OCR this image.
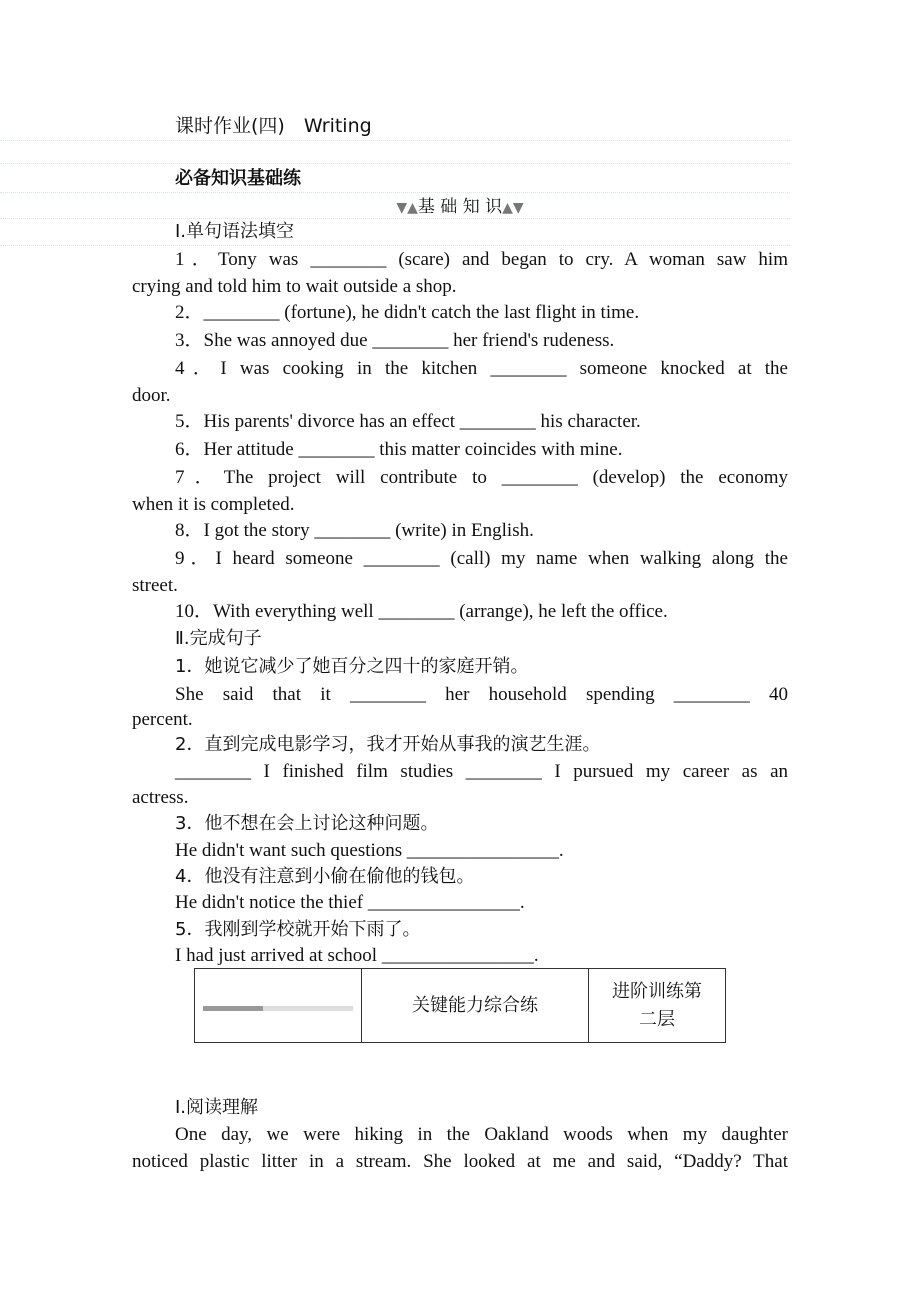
课时作业(四)　Writing
必备知识基础练
▼▲基 础 知 识▲▼
Ⅰ.单句语法填空
1．Tony was ________ (scare) and began to cry. A woman saw him
crying and told him to wait outside a shop.
2．________ (fortune), he didn't catch the last flight in time.
3．She was annoyed due ________ her friend's rudeness.
4．I was cooking in the kitchen ________ someone knocked at the
door.
5．His parents' divorce has an effect ________ his character.
6．Her attitude ________ this matter coincides with mine.
7．The project will contribute to ________ (develop) the economy
when it is completed.
8．I got the story ________ (write) in English.
9．I heard someone ________ (call) my name when walking along the
street.
10．With everything well ________ (arrange), he left the office.
Ⅱ.完成句子
1．她说它减少了她百分之四十的家庭开销。
She said that it ________ her household spending ________ 40
percent.
2．直到完成电影学习，我才开始从事我的演艺生涯。
________ I finished film studies ________ I pursued my career as an
actress.
3．他不想在会上讨论这种问题。
He didn't want such questions ________________.
4．他没有注意到小偷在偷他的钱包。
He didn't notice the thief ________________.
5．我刚到学校就开始下雨了。
I had just arrived at school ________________.
	关键能力综合练	进阶训练第
二层
Ⅰ.阅读理解
One day, we were hiking in the Oakland woods when my daughter
noticed plastic litter in a stream. She looked at me and said, “Daddy? That
